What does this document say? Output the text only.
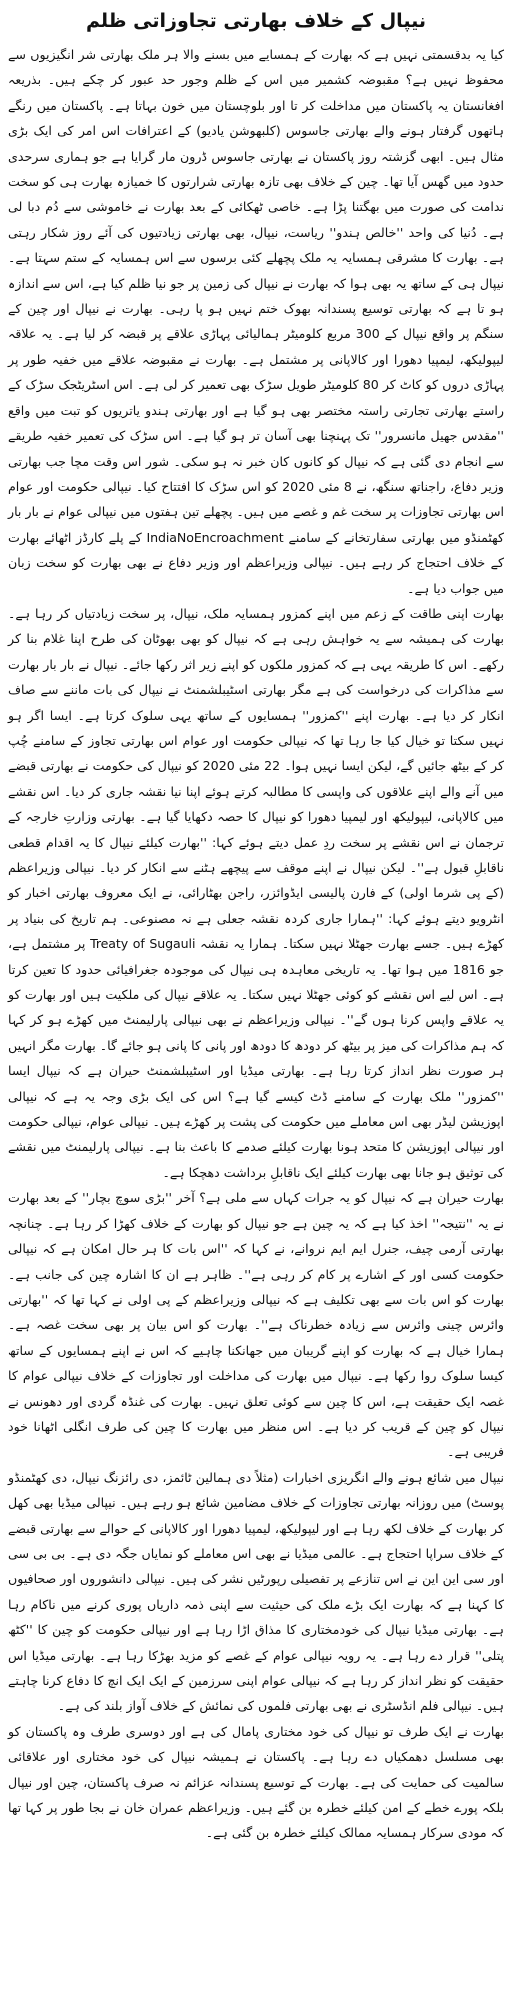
نیپال کے خلاف بھارتی تجاوزاتی ظلم

کیا یہ بدقسمتی نہیں ہے کہ بھارت کے ہمسایے میں بسنے والا ہر ملک بھارتی شر انگیزیوں سے محفوظ نہیں ہے؟ مقبوضہ کشمیر میں اس کے ظلم وجور حد عبور کر چکے ہیں۔ بذریعہ افغانستان یہ پاکستان میں مداخلت کر تا اور بلوچستان میں خون بہاتا ہے۔ پاکستان میں رنگے ہاتھوں گرفتار ہونے والے بھارتی جاسوس (کلبھوشن یادیو) کے اعترافات اس امر کی ایک بڑی مثال ہیں۔ ابھی گزشتہ روز پاکستان نے بھارتی جاسوس ڈرون مار گرایا ہے جو ہماری سرحدی حدود میں گھس آیا تھا۔ چین کے خلاف بھی تازہ بھارتی شرارتوں کا خمیازہ بھارت ہی کو سخت ندامت کی صورت میں بھگتنا پڑا ہے۔ خاصی ٹھکائی کے بعد بھارت نے خاموشی سے دُم دبا لی ہے۔ دُنیا کی واحد ''خالص ہندو'' ریاست، نیپال، بھی بھارتی زیادتیوں کی آئے روز شکار رہتی ہے۔ بھارت کا مشرقی ہمسایہ یہ ملک پچھلے کئی برسوں سے اس ہمسایہ کے ستم سہتا ہے۔ نیپال ہی کے ساتھ یہ بھی ہوا کہ بھارت نے نیپال کی زمین پر جو نیا ظلم کیا ہے، اس سے اندازہ ہو تا ہے کہ بھارتی توسیع پسندانہ بھوک ختم نہیں ہو پا رہی۔ بھارت نے نیپال اور چین کے سنگم پر واقع نیپال کے 300 مربع کلومیٹر ہمالیائی پہاڑی علاقے پر قبضہ کر لیا ہے۔ یہ علاقہ لیپولیکھ، لیمپیا دھورا اور کالاپانی پر مشتمل ہے۔ بھارت نے مقبوضہ علاقے میں خفیہ طور پر پہاڑی دروں کو کاٹ کر 80 کلومیٹر طویل سڑک بھی تعمیر کر لی ہے۔ اس اسٹریٹجک سڑک کے راستے بھارتی تجارتی راستہ مختصر بھی ہو گیا ہے اور بھارتی ہندو یاتریوں کو تبت میں واقع ''مقدس جھیل مانسرور'' تک پہنچنا بھی آسان تر ہو گیا ہے۔ اس سڑک کی تعمیر خفیہ طریقے سے انجام دی گئی ہے کہ نیپال کو کانوں کان خبر نہ ہو سکی۔ شور اس وقت مچا جب بھارتی وزیر دفاع، راجناتھ سنگھ، نے 8 مئی 2020 کو اس سڑک کا افتتاح کیا۔ نیپالی حکومت اور عوام اس بھارتی تجاوزات پر سخت غم و غصے میں ہیں۔ پچھلے تین ہفتوں میں نیپالی عوام نے بار بار کھٹمنڈو میں بھارتی سفارتخانے کے سامنے IndiaNoEncroachment کے پلے کارڈز اٹھائے بھارت کے خلاف احتجاج کر رہے ہیں۔ نیپالی وزیراعظم اور وزیر دفاع نے بھی بھارت کو سخت زبان میں جواب دیا ہے۔

بھارت اپنی طاقت کے زعم میں اپنے کمزور ہمسایہ ملک، نیپال، پر سخت زیادتیاں کر رہا ہے۔ بھارت کی ہمیشہ سے یہ خواہش رہی ہے کہ نیپال کو بھی بھوٹان کی طرح اپنا غلام بنا کر رکھے۔ اس کا طریقہ یہی ہے کہ کمزور ملکوں کو اپنے زیر اثر رکھا جائے۔ نیپال نے بار بار بھارت سے مذاکرات کی درخواست کی ہے مگر بھارتی اسٹیبلشمنٹ نے نیپال کی بات ماننے سے صاف انکار کر دیا ہے۔ بھارت اپنے ''کمزور'' ہمسایوں کے ساتھ یہی سلوک کرتا ہے۔ ایسا اگر ہو نہیں سکتا تو خیال کیا جا رہا تھا کہ نیپالی حکومت اور عوام اس بھارتی تجاوز کے سامنے چُپ کر کے بیٹھ جائیں گے، لیکن ایسا نہیں ہوا۔ 22 مئی 2020 کو نیپال کی حکومت نے بھارتی قبضے میں آنے والے اپنے علاقوں کی واپسی کا مطالبہ کرتے ہوئے اپنا نیا نقشہ جاری کر دیا۔ اس نقشے میں کالاپانی، لیپولیکھ اور لیمپیا دھورا کو نیپال کا حصہ دکھایا گیا ہے۔ بھارتی وزارتِ خارجہ کے ترجمان نے اس نقشے پر سخت ردِ عمل دیتے ہوئے کہا: ''بھارت کیلئے نیپال کا یہ اقدام قطعی ناقابلِ قبول ہے''۔ لیکن نیپال نے اپنے موقف سے پیچھے ہٹنے سے انکار کر دیا۔ نیپالی وزیراعظم (کے پی شرما اولی) کے فارن پالیسی ایڈوائزر، راجن بھٹارائی، نے ایک معروف بھارتی اخبار کو انٹرویو دیتے ہوئے کہا: ''ہمارا جاری کردہ نقشہ جعلی ہے نہ مصنوعی۔ ہم تاریخ کی بنیاد پر کھڑے ہیں۔ جسے بھارت جھٹلا نہیں سکتا۔ ہمارا یہ نقشہ Treaty of Sugauli پر مشتمل ہے، جو 1816 میں ہوا تھا۔ یہ تاریخی معاہدہ ہی نیپال کی موجودہ جغرافیائی حدود کا تعین کرتا ہے۔ اس لیے اس نقشے کو کوئی جھٹلا نہیں سکتا۔ یہ علاقے نیپال کی ملکیت ہیں اور بھارت کو یہ علاقے واپس کرنا ہوں گے''۔ نیپالی وزیراعظم نے بھی نیپالی پارلیمنٹ میں کھڑے ہو کر کہا کہ ہم مذاکرات کی میز پر بیٹھ کر دودھ کا دودھ اور پانی کا پانی ہو جائے گا۔ بھارت مگر انہیں ہر صورت نظر انداز کرتا رہا ہے۔ بھارتی میڈیا اور اسٹیبلشمنٹ حیران ہے کہ نیپال ایسا ''کمزور'' ملک بھارت کے سامنے ڈٹ کیسے گیا ہے؟ اس کی ایک بڑی وجہ یہ ہے کہ نیپالی اپوزیشن لیڈر بھی اس معاملے میں حکومت کی پشت پر کھڑے ہیں۔ نیپالی عوام، نیپالی حکومت اور نیپالی اپوزیشن کا متحد ہونا بھارت کیلئے صدمے کا باعث بنا ہے۔ نیپالی پارلیمنٹ میں نقشے کی توثیق ہو جانا بھی بھارت کیلئے ایک ناقابلِ برداشت دھچکا ہے۔

بھارت حیران ہے کہ نیپال کو یہ جرات کہاں سے ملی ہے؟ آخر ''بڑی سوچ بچار'' کے بعد بھارت نے یہ ''نتیجہ'' اخذ کیا ہے کہ یہ چین ہے جو نیپال کو بھارت کے خلاف کھڑا کر رہا ہے۔ چنانچہ بھارتی آرمی چیف، جنرل ایم ایم نروانے، نے کہا کہ ''اس بات کا ہر حال امکان ہے کہ نیپالی حکومت کسی اور کے اشارے پر کام کر رہی ہے''۔ ظاہر ہے ان کا اشارہ چین کی جانب ہے۔ بھارت کو اس بات سے بھی تکلیف ہے کہ نیپالی وزیراعظم کے پی اولی نے کہا تھا کہ ''بھارتی وائرس چینی وائرس سے زیادہ خطرناک ہے''۔ بھارت کو اس بیان پر بھی سخت غصہ ہے۔ ہمارا خیال ہے کہ بھارت کو اپنے گریبان میں جھانکنا چاہیے کہ اس نے اپنے ہمسایوں کے ساتھ کیسا سلوک روا رکھا ہے۔ نیپال میں بھارت کی مداخلت اور تجاوزات کے خلاف نیپالی عوام کا غصہ ایک حقیقت ہے، اس کا چین سے کوئی تعلق نہیں۔ بھارت کی غنڈہ گردی اور دھونس نے نیپال کو چین کے قریب کر دیا ہے۔ اس منظر میں بھارت کا چین کی طرف انگلی اٹھانا خود فریبی ہے۔

نیپال میں شائع ہونے والے انگریزی اخبارات (مثلاً دی ہمالین ٹائمز، دی رائزنگ نیپال، دی کھٹمنڈو پوسٹ) میں روزانہ بھارتی تجاوزات کے خلاف مضامین شائع ہو رہے ہیں۔ نیپالی میڈیا بھی کھل کر بھارت کے خلاف لکھ رہا ہے اور لیپولیکھ، لیمپیا دھورا اور کالاپانی کے حوالے سے بھارتی قبضے کے خلاف سراپا احتجاج ہے۔ عالمی میڈیا نے بھی اس معاملے کو نمایاں جگہ دی ہے۔ بی بی سی اور سی این این نے اس تنازعے پر تفصیلی رپورٹیں نشر کی ہیں۔ نیپالی دانشوروں اور صحافیوں کا کہنا ہے کہ بھارت ایک بڑے ملک کی حیثیت سے اپنی ذمہ داریاں پوری کرنے میں ناکام رہا ہے۔ بھارتی میڈیا نیپال کی خودمختاری کا مذاق اڑا رہا ہے اور نیپالی حکومت کو چین کا ''کٹھ پتلی'' قرار دے رہا ہے۔ یہ رویہ نیپالی عوام کے غصے کو مزید بھڑکا رہا ہے۔ بھارتی میڈیا اس حقیقت کو نظر انداز کر رہا ہے کہ نیپالی عوام اپنی سرزمین کے ایک ایک انچ کا دفاع کرنا چاہتے ہیں۔ نیپالی فلم انڈسٹری نے بھی بھارتی فلموں کی نمائش کے خلاف آواز بلند کی ہے۔

بھارت نے ایک طرف تو نیپال کی خود مختاری پامال کی ہے اور دوسری طرف وہ پاکستان کو بھی مسلسل دھمکیاں دے رہا ہے۔ پاکستان نے ہمیشہ نیپال کی خود مختاری اور علاقائی سالمیت کی حمایت کی ہے۔ بھارت کے توسیع پسندانہ عزائم نہ صرف پاکستان، چین اور نیپال بلکہ پورے خطے کے امن کیلئے خطرہ بن گئے ہیں۔ وزیراعظم عمران خان نے بجا طور پر کہا تھا کہ مودی سرکار ہمسایہ ممالک کیلئے خطرہ بن گئی ہے۔
